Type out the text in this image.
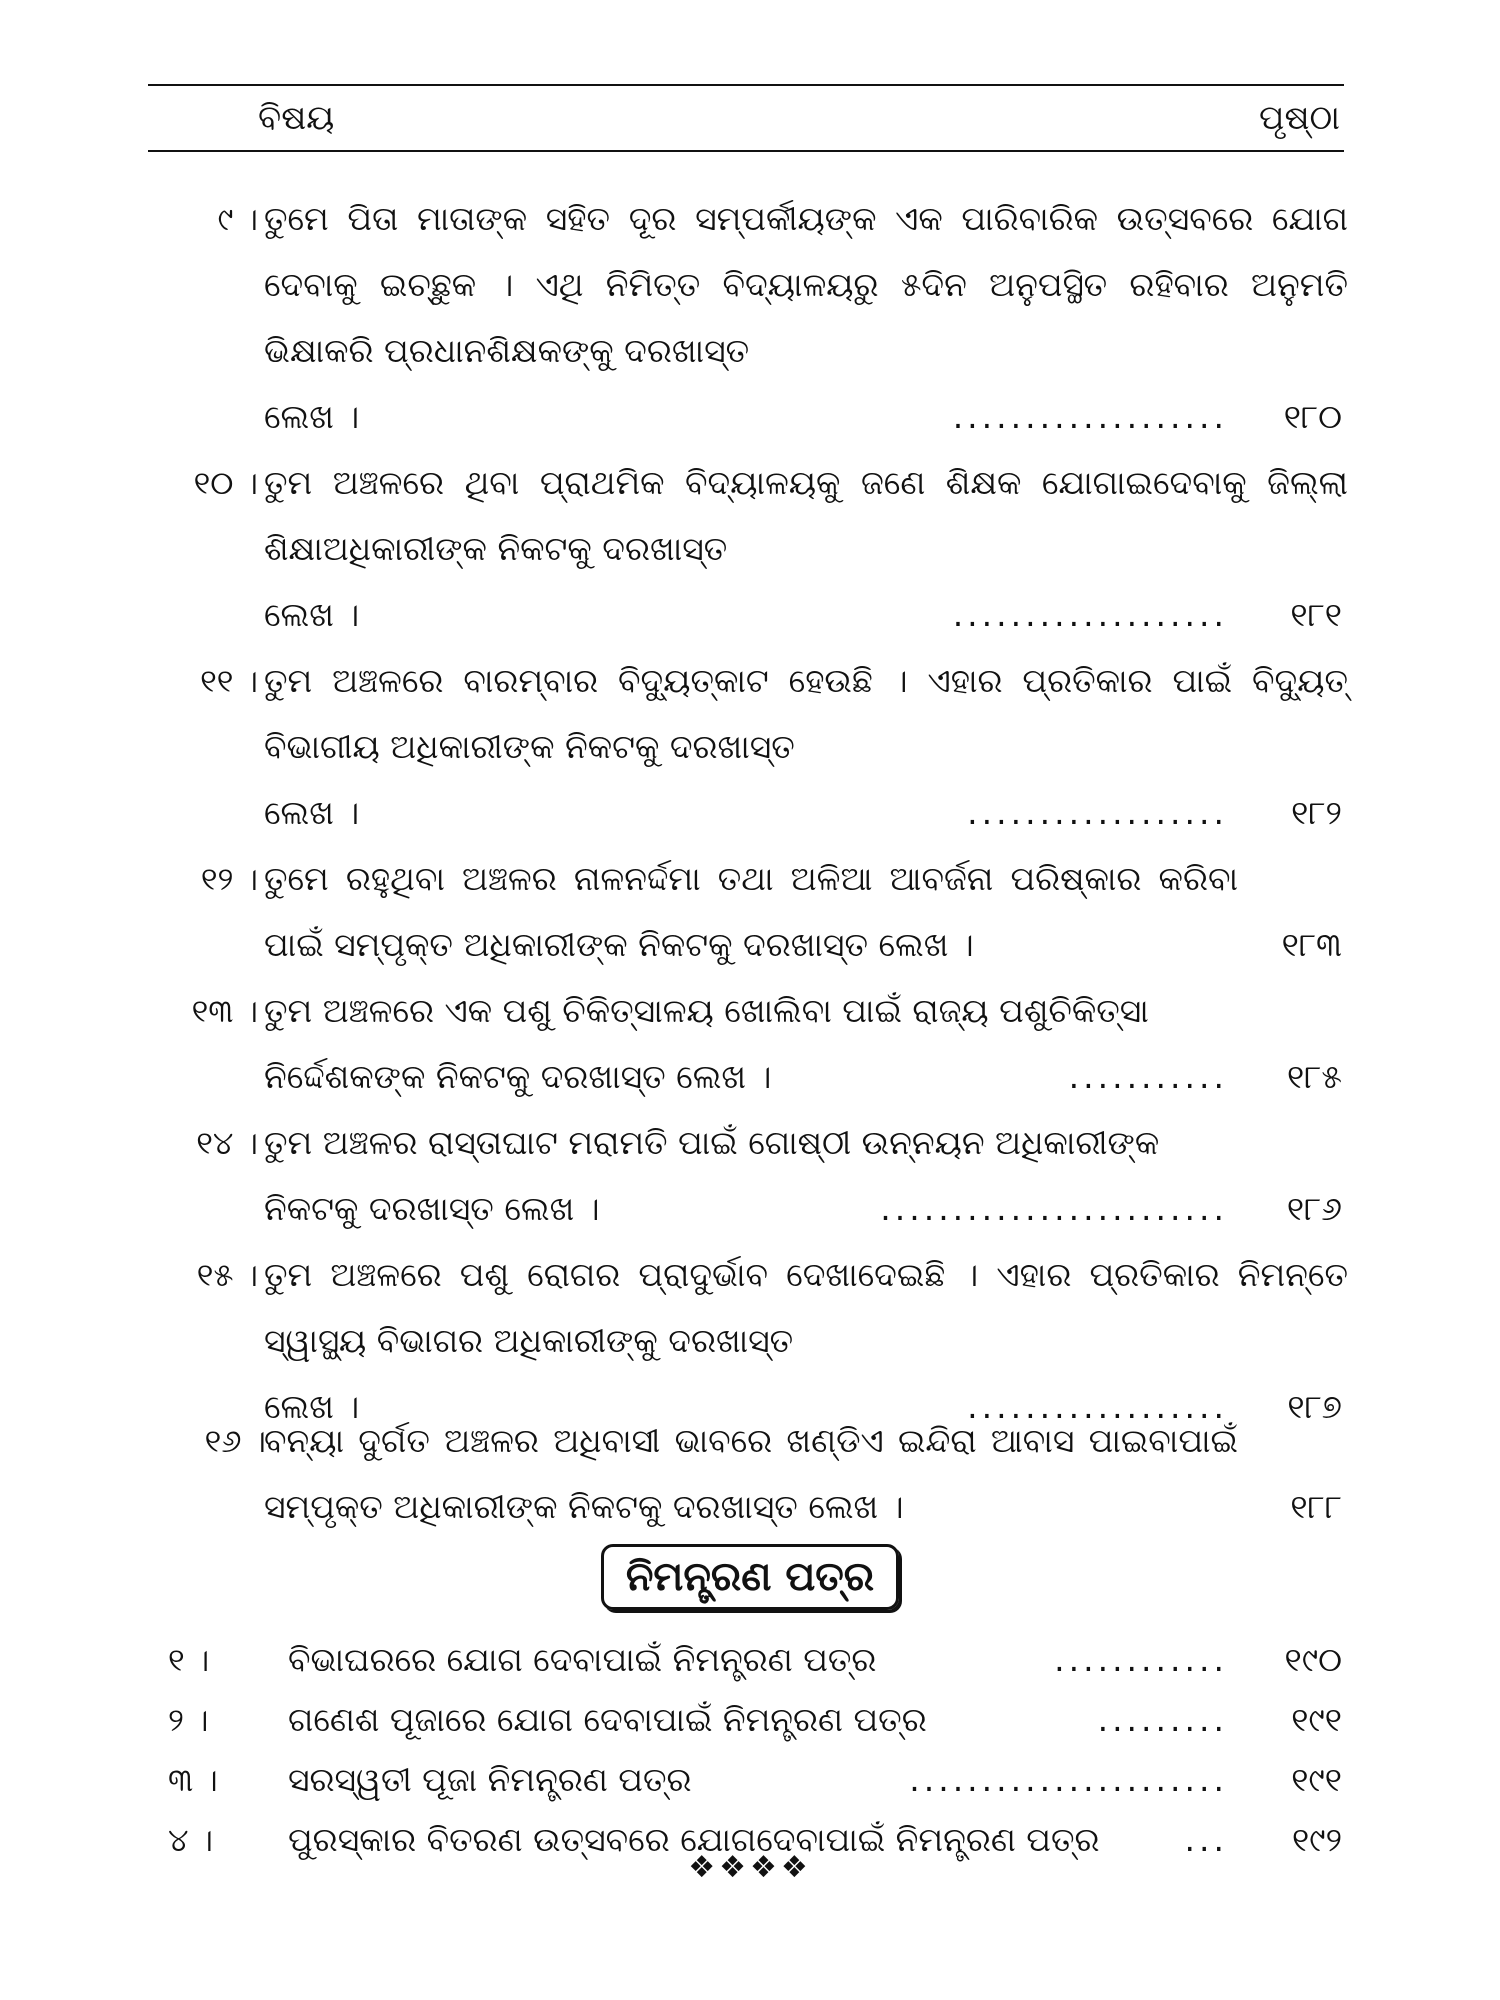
ବିଷୟ	ପୃଷ୍ଠା
୯ । ତୁମେ ପିତା ମାତାଙ୍କ ସହିତ ଦୂର ସମ୍ପର୍କୀୟଙ୍କ ଏକ ପାରିବାରିକ ଉତ୍ସବରେ ଯୋଗ ଦେବାକୁ ଇଚ୍ଛୁକ । ଏଥି ନିମିତ୍ତ ବିଦ୍ୟାଳୟରୁ ୫ଦିନ ଅନୁପସ୍ଥିତ ରହିବାର ଅନୁମତି ଭିକ୍ଷାକରି ପ୍ରଧାନଶିକ୍ଷକଙ୍କୁ ଦରଖାସ୍ତ
ଲେଖ ।	................... ୧୮୦
୧୦ । ତୁମ ଅଞ୍ଚଳରେ ଥିବା ପ୍ରାଥମିକ ବିଦ୍ୟାଳୟକୁ ଜଣେ ଶିକ୍ଷକ ଯୋଗାଇଦେବାକୁ ଜିଲ୍ଲା ଶିକ୍ଷାଅଧିକାରୀଙ୍କ ନିକଟକୁ ଦରଖାସ୍ତ
ଲେଖ ।	................... ୧୮୧
୧୧ । ତୁମ ଅଞ୍ଚଳରେ ବାରମ୍ବାର ବିଦ୍ୟୁତ୍‌କାଟ ହେଉଛି । ଏହାର ପ୍ରତିକାର ପାଇଁ ବିଦ୍ୟୁତ୍ ବିଭାଗୀୟ ଅଧିକାରୀଙ୍କ ନିକଟକୁ ଦରଖାସ୍ତ
ଲେଖ ।	.................. ୧୮୨
୧୨ । ତୁମେ ରହୁଥିବା ଅଞ୍ଚଳର ନାଳନର୍ଦ୍ଦମା ତଥା ଅଳିଆ ଆବର୍ଜନା ପରିଷ୍କାର କରିବା ପାଇଁ ସମ୍ପୃକ୍ତ ଅଧିକାରୀଙ୍କ ନିକଟକୁ ଦରଖାସ୍ତ ଲେଖ ।	୧୮୩
୧୩ । ତୁମ ଅଞ୍ଚଳରେ ଏକ ପଶୁ ଚିକିତ୍ସାଳୟ ଖୋଲିବା ପାଇଁ ରାଜ୍ୟ ପଶୁଚିକିତ୍ସା
ନିର୍ଦ୍ଦେଶକଙ୍କ ନିକଟକୁ ଦରଖାସ୍ତ ଲେଖ ।	........... ୧୮୫
୧୪ । ତୁମ ଅଞ୍ଚଳର ରାସ୍ତାଘାଟ ମରାମତି ପାଇଁ ଗୋଷ୍ଠୀ ଉନ୍ନୟନ ଅଧିକାରୀଙ୍କ
ନିକଟକୁ ଦରଖାସ୍ତ ଲେଖ ।	........................ ୧୮୬
୧୫ । ତୁମ ଅଞ୍ଚଳରେ ପଶୁ ରୋଗର ପ୍ରାଦୁର୍ଭାବ ଦେଖାଦେଇଛି । ଏହାର ପ୍ରତିକାର ନିମନ୍ତେ ସ୍ୱାସ୍ଥ୍ୟ ବିଭାଗର ଅଧିକାରୀଙ୍କୁ ଦରଖାସ୍ତ
ଲେଖ ।	.................. ୧୮୭
୧୬ ।
ବନ୍ୟା ଦୁର୍ଗତ ଅଞ୍ଚଳର ଅଧିବାସୀ ଭାବରେ ଖଣ୍ଡିଏ ଇନ୍ଦିରା ଆବାସ ପାଇବାପାଇଁ ସମ୍ପୃକ୍ତ ଅଧିକାରୀଙ୍କ ନିକଟକୁ ଦରଖାସ୍ତ ଲେଖ ।	୧୮୮
ନିମନ୍ତ୍ରଣ ପତ୍ର
୧ ।	ବିଭାଘରରେ ଯୋଗ ଦେବାପାଇଁ ନିମନ୍ତ୍ରଣ ପତ୍ର	............ ୧୯୦
୨ ।	ଗଣେଶ ପୂଜାରେ ଯୋଗ ଦେବାପାଇଁ ନିମନ୍ତ୍ରଣ ପତ୍ର	......... ୧୯୧
୩ ।	ସରସ୍ୱତୀ ପୂଜା ନିମନ୍ତ୍ରଣ ପତ୍ର	...................... ୧୯୧
୪ ।	ପୁରସ୍କାର ବିତରଣ ଉତ୍ସବରେ ଯୋଗଦେବାପାଇଁ ନିମନ୍ତ୍ରଣ ପତ୍ର	... ୧୯୨
❖❖❖❖
